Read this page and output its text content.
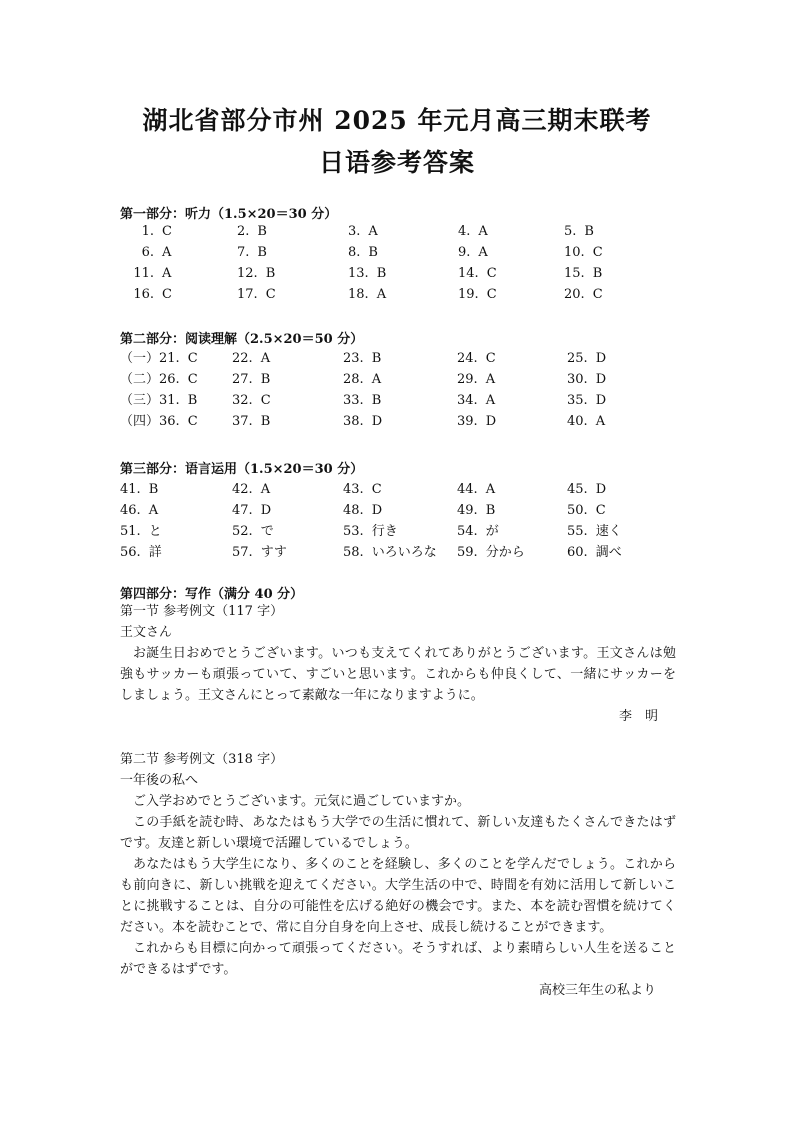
湖北省部分市州 2025 年元月高三期末联考
日语参考答案
第一部分：听力（1.5×20＝30 分）
1. C	2. B	3. A	4. A	5. B
6. A	7. B	8. B	9. A	10. C
11. A	12. B	13. B	14. C	15. B
16. C	17. C	18. A	19. C	20. C
第二部分：阅读理解（2.5×20＝50 分）
（一）21. C	22. A	23. B	24. C	25. D
（二）26. C	27. B	28. A	29. A	30. D
（三）31. B	32. C	33. B	34. A	35. D
（四）36. C	37. B	38. D	39. D	40. A
第三部分：语言运用（1.5×20＝30 分）
41. B	42. A	43. C	44. A	45. D
46. A	47. D	48. D	49. B	50. C
51. と	52. で	53. 行き	54. が	55. 速く
56. 詳	57. すす	58. いろいろな 59. 分から	60. 調べ
第四部分：写作（满分 40 分）

第一节 参考例文（117 字）

王文さん

お誕生日おめでとうございます。いつも支えてくれてありがとうございます。王文さんは勉強もサッカーも頑張っていて、すごいと思います。これからも仲良くして、一緒にサッカーをしましょう。王文さんにとって素敵な一年になりますように。

李　明

第二节 参考例文（318 字）

一年後の私へ

ご入学おめでとうございます。元気に過ごしていますか。

この手紙を読む時、あなたはもう大学での生活に慣れて、新しい友達もたくさんできたはずです。友達と新しい環境で活躍しているでしょう。

あなたはもう大学生になり、多くのことを経験し、多くのことを学んだでしょう。これからも前向きに、新しい挑戦を迎えてください。大学生活の中で、時間を有効に活用して新しいことに挑戦することは、自分の可能性を広げる絶好の機会です。また、本を読む習慣を続けてください。本を読むことで、常に自分自身を向上させ、成長し続けることができます。

これからも目標に向かって頑張ってください。そうすれば、より素晴らしい人生を送ることができるはずです。

高校三年生の私より
